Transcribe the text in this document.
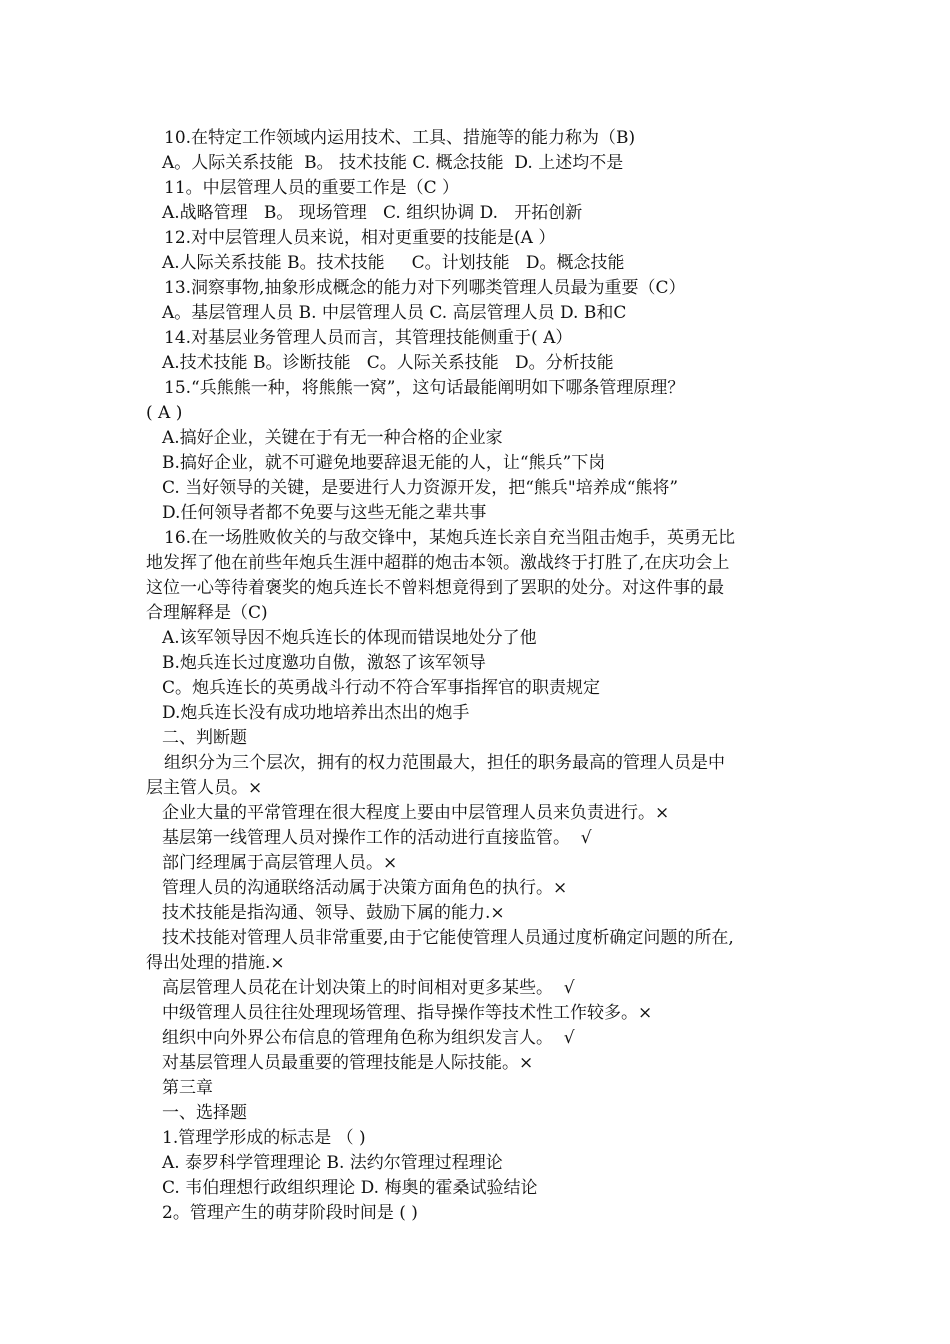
10.在特定工作领域内运用技术、工具、措施等的能力称为（B)
A。人际关系技能  B。 技术技能 C. 概念技能  D. 上述均不是
11。中层管理人员的重要工作是（C ）
A.战略管理   B。 现场管理   C. 组织协调 D.   开拓创新
12.对中层管理人员来说，相对更重要的技能是(A ）
A.人际关系技能 B。技术技能     C。计划技能   D。概念技能
13.洞察事物,抽象形成概念的能力对下列哪类管理人员最为重要（C）
A。基层管理人员 B. 中层管理人员 C. 高层管理人员 D. B和C
14.对基层业务管理人员而言，其管理技能侧重于( A）
A.技术技能 B。诊断技能   C。人际关系技能   D。分析技能
15.“兵熊熊一种，将熊熊一窝”，这句话最能阐明如下哪条管理原理？
( A )
A.搞好企业，关键在于有无一种合格的企业家
B.搞好企业，就不可避免地要辞退无能的人，让“熊兵”下岗
C. 当好领导的关键，是要进行人力资源开发，把“熊兵"培养成“熊将”
D.任何领导者都不免要与这些无能之辈共事
16.在一场胜败攸关的与敌交锋中，某炮兵连长亲自充当阻击炮手，英勇无比
地发挥了他在前些年炮兵生涯中超群的炮击本领。激战终于打胜了,在庆功会上
这位一心等待着褒奖的炮兵连长不曾料想竟得到了罢职的处分。对这件事的最
合理解释是（C)
A.该军领导因不炮兵连长的体现而错误地处分了他
B.炮兵连长过度邀功自傲，激怒了该军领导
C。炮兵连长的英勇战斗行动不符合军事指挥官的职责规定
D.炮兵连长没有成功地培养出杰出的炮手
二、判断题
组织分为三个层次，拥有的权力范围最大，担任的职务最高的管理人员是中
层主管人员。×
企业大量的平常管理在很大程度上要由中层管理人员来负责进行。×
基层第一线管理人员对操作工作的活动进行直接监管。  √
部门经理属于高层管理人员。×
管理人员的沟通联络活动属于决策方面角色的执行。×
技术技能是指沟通、领导、鼓励下属的能力.×
技术技能对管理人员非常重要,由于它能使管理人员通过度析确定问题的所在,
得出处理的措施.×
高层管理人员花在计划决策上的时间相对更多某些。  √
中级管理人员往往处理现场管理、指导操作等技术性工作较多。×
组织中向外界公布信息的管理角色称为组织发言人。  √
对基层管理人员最重要的管理技能是人际技能。×
第三章
一、选择题
1.管理学形成的标志是 （ )
A. 泰罗科学管理理论 B. 法约尔管理过程理论
C. 韦伯理想行政组织理论 D. 梅奥的霍桑试验结论
2。管理产生的萌芽阶段时间是 ( )
